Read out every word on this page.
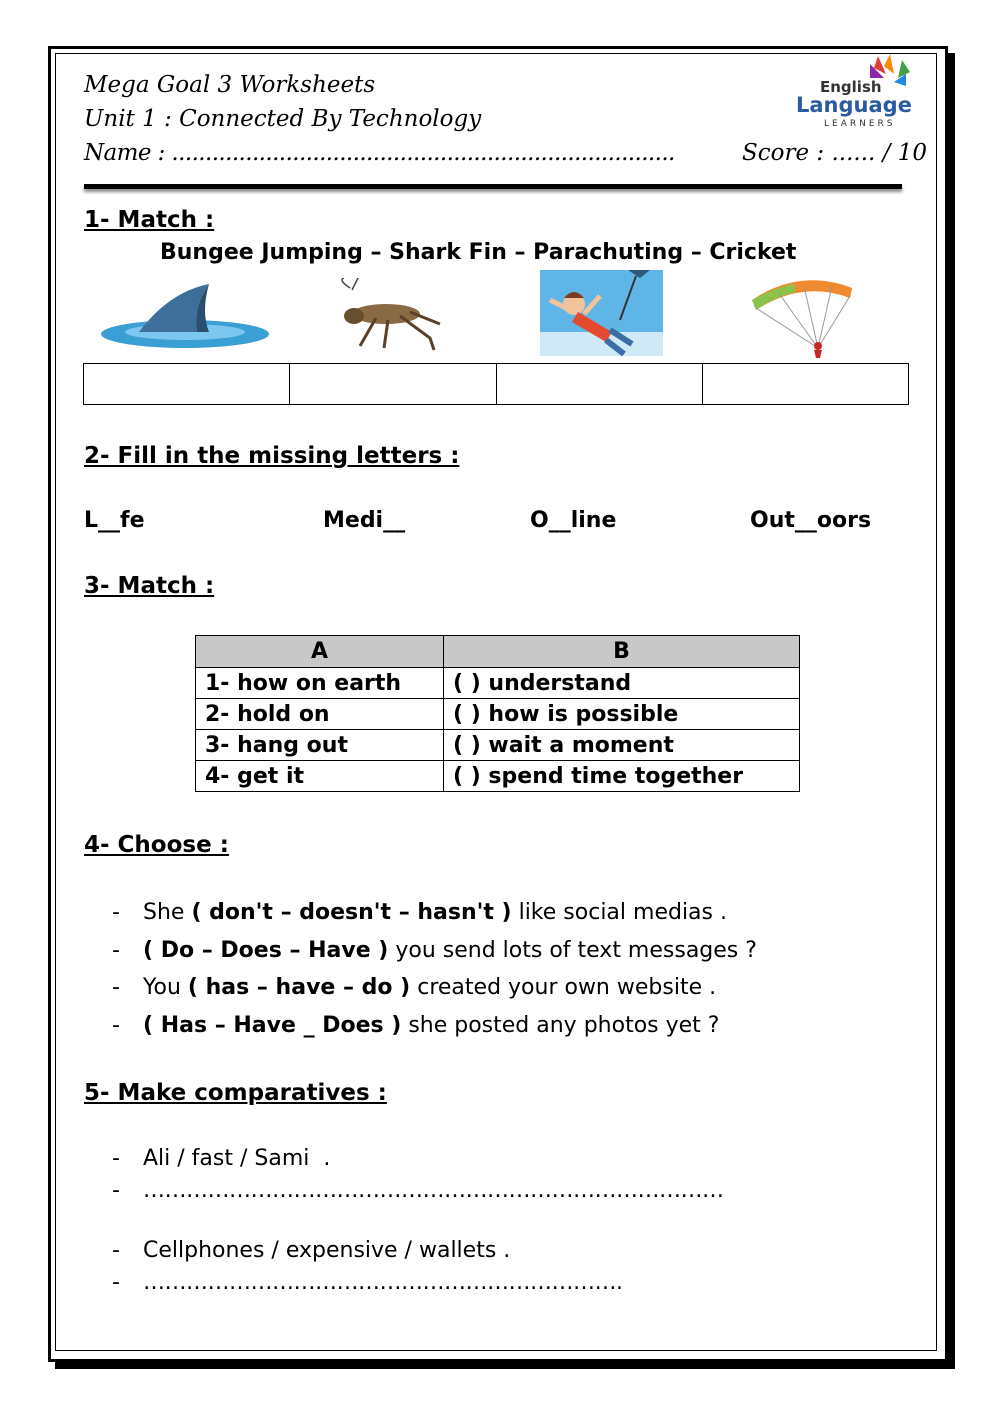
Mega Goal 3 Worksheets
Unit 1 : Connected By Technology
Name : ...........................................................................	Score : ...... / 10
English
Language
LEARNERS
1- Match :
Bungee Jumping – Shark Fin – Parachuting – Cricket
2- Fill in the missing letters :
L__fe	Medi__	O__line	Out__oors
3- Match :
A	B
1- how on earth	( ) understand
2- hold on	( ) how is possible
3- hang out	( ) wait a moment
4- get it	( ) spend time together
4- Choose :
- She ( don't – doesn't – hasn't ) like social medias .
- ( Do – Does – Have ) you send lots of text messages ?
- You ( has – have – do ) created your own website .
- ( Has – Have _ Does ) she posted any photos yet ?
5- Make comparatives :
- Ali / fast / Sami  .
- ………………………………………………………………………
- Cellphones / expensive / wallets .
- ………………………………………………………….
